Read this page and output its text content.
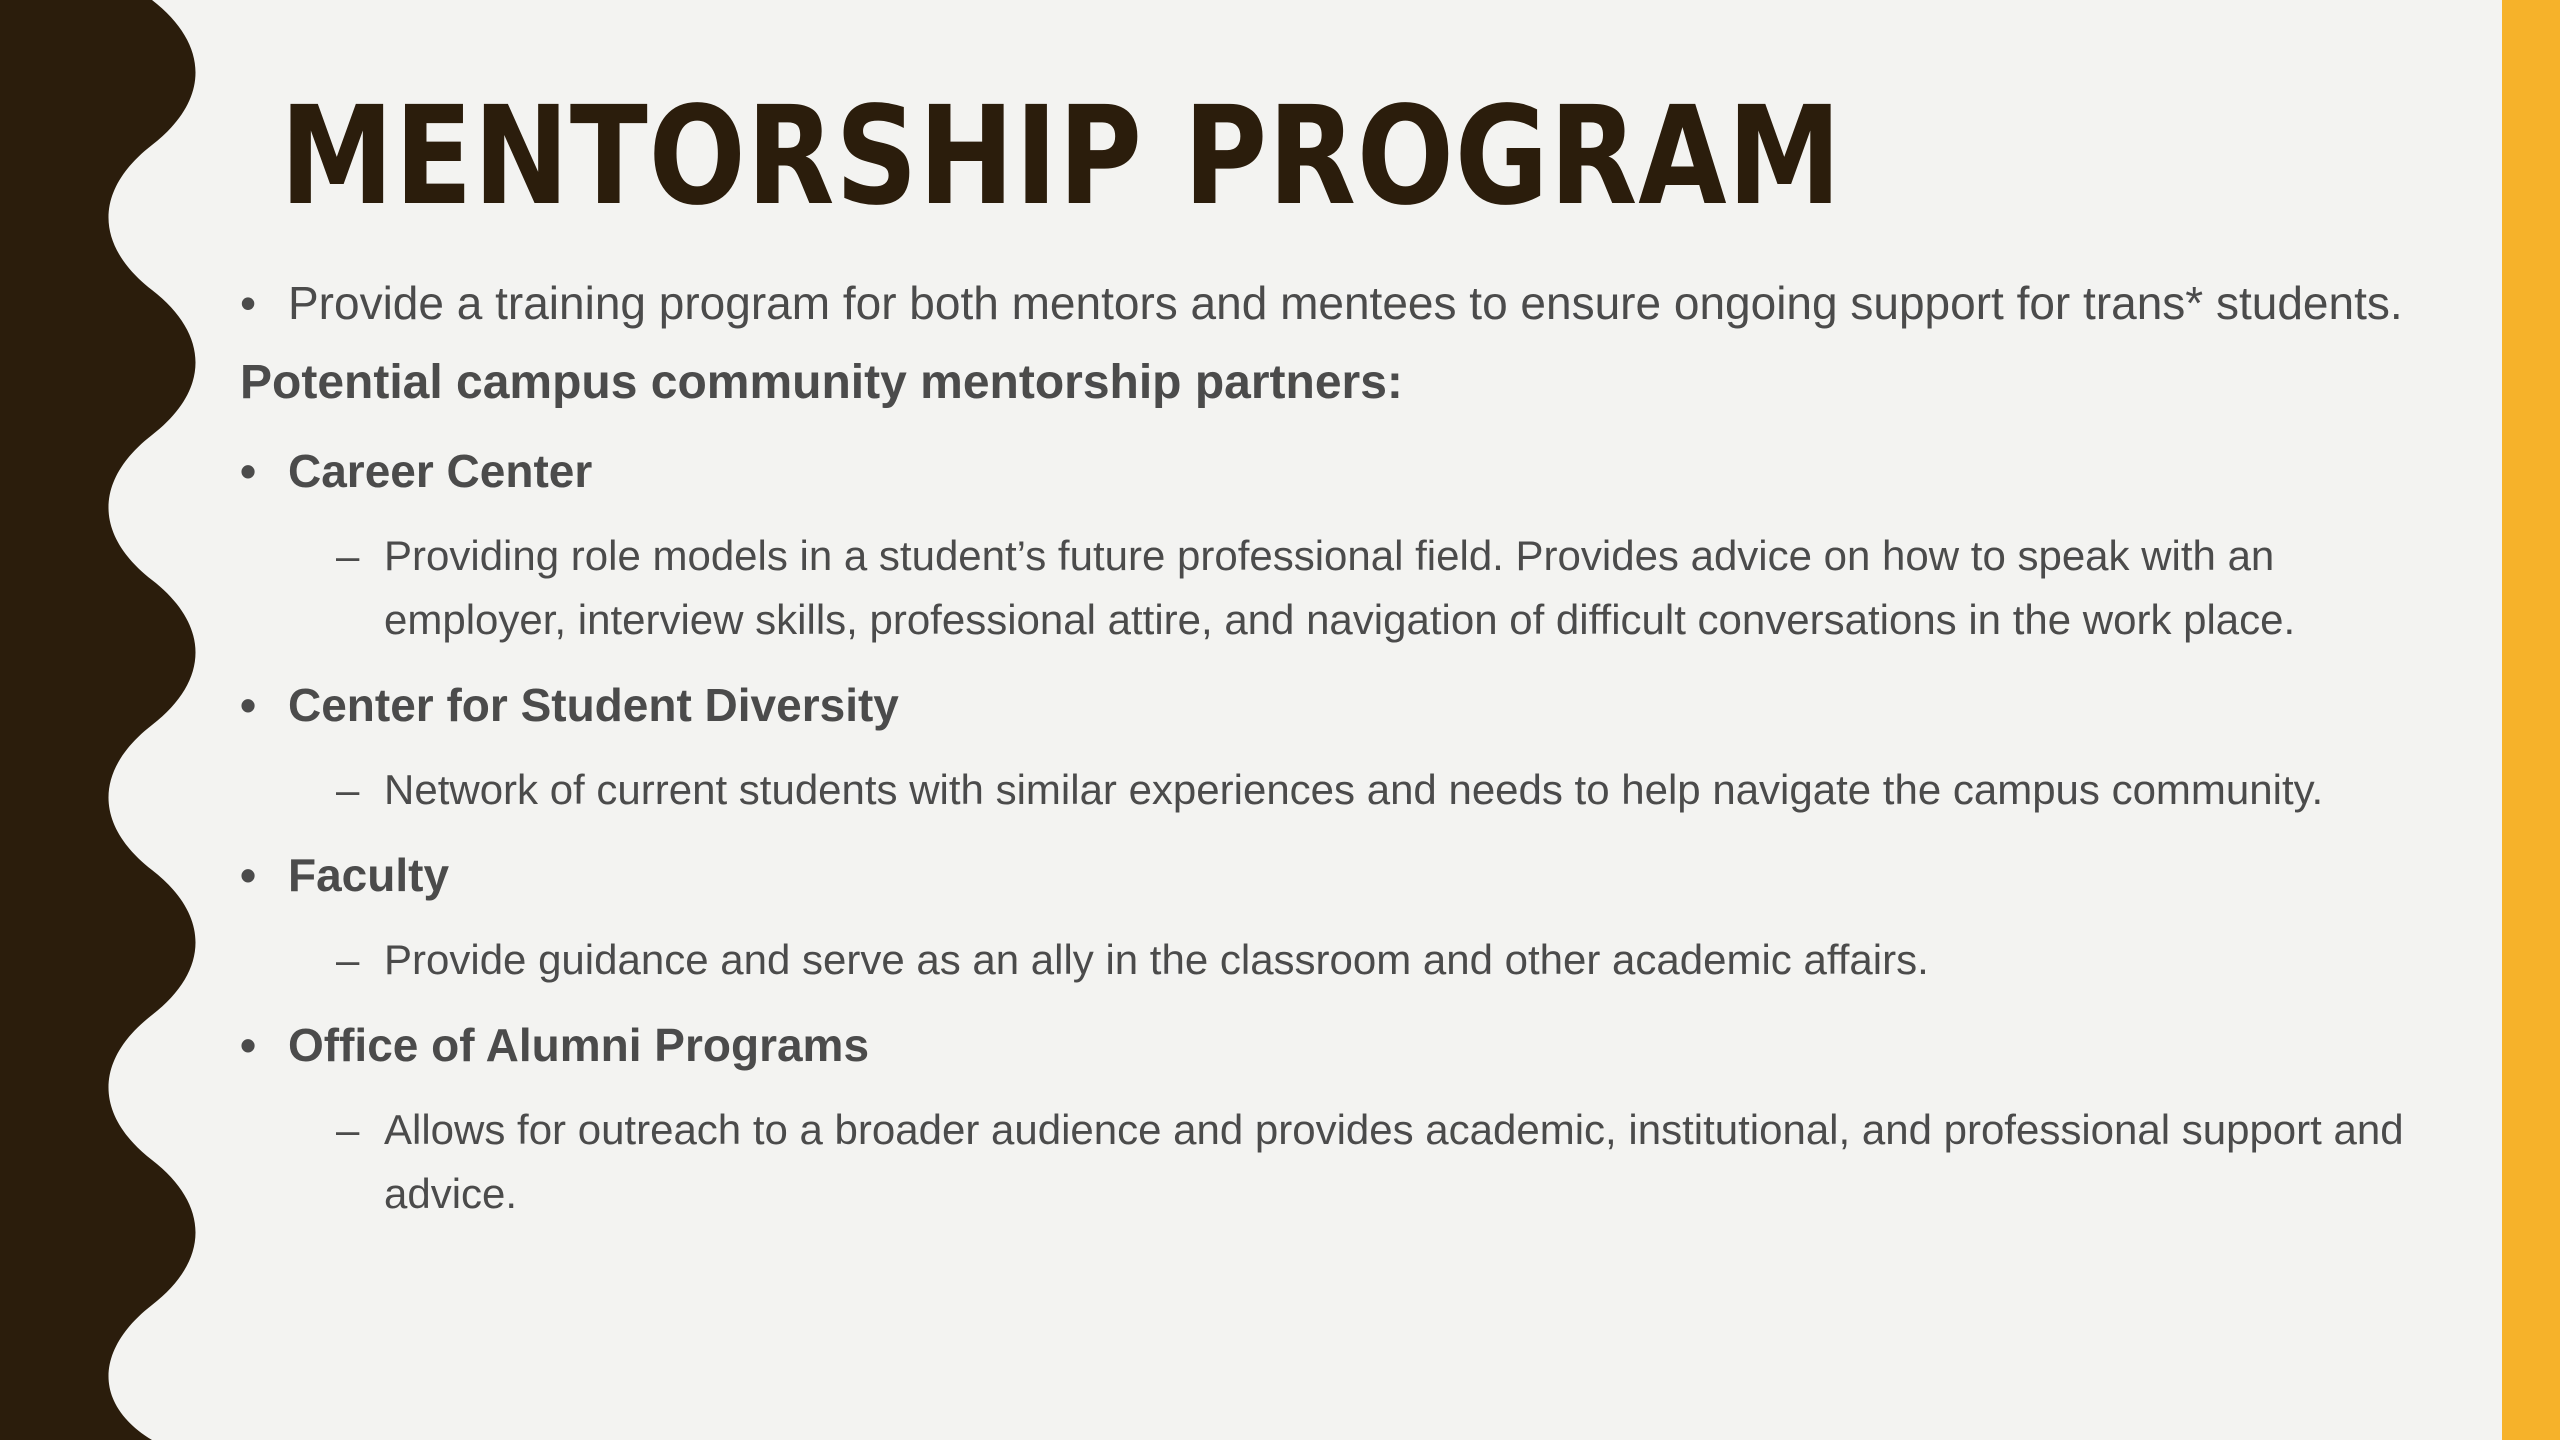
MENTORSHIP PROGRAM

• Provide a training program for both mentors and mentees to ensure ongoing support for trans* students.

Potential campus community mentorship partners:

• Career Center

– Providing role models in a student’s future professional field. Provides advice on how to speak with an employer, interview skills, professional attire, and navigation of difficult conversations in the work place.

• Center for Student Diversity

– Network of current students with similar experiences and needs to help navigate the campus community.

• Faculty

– Provide guidance and serve as an ally in the classroom and other academic affairs.

• Office of Alumni Programs

– Allows for outreach to a broader audience and provides academic, institutional, and professional support and advice.
